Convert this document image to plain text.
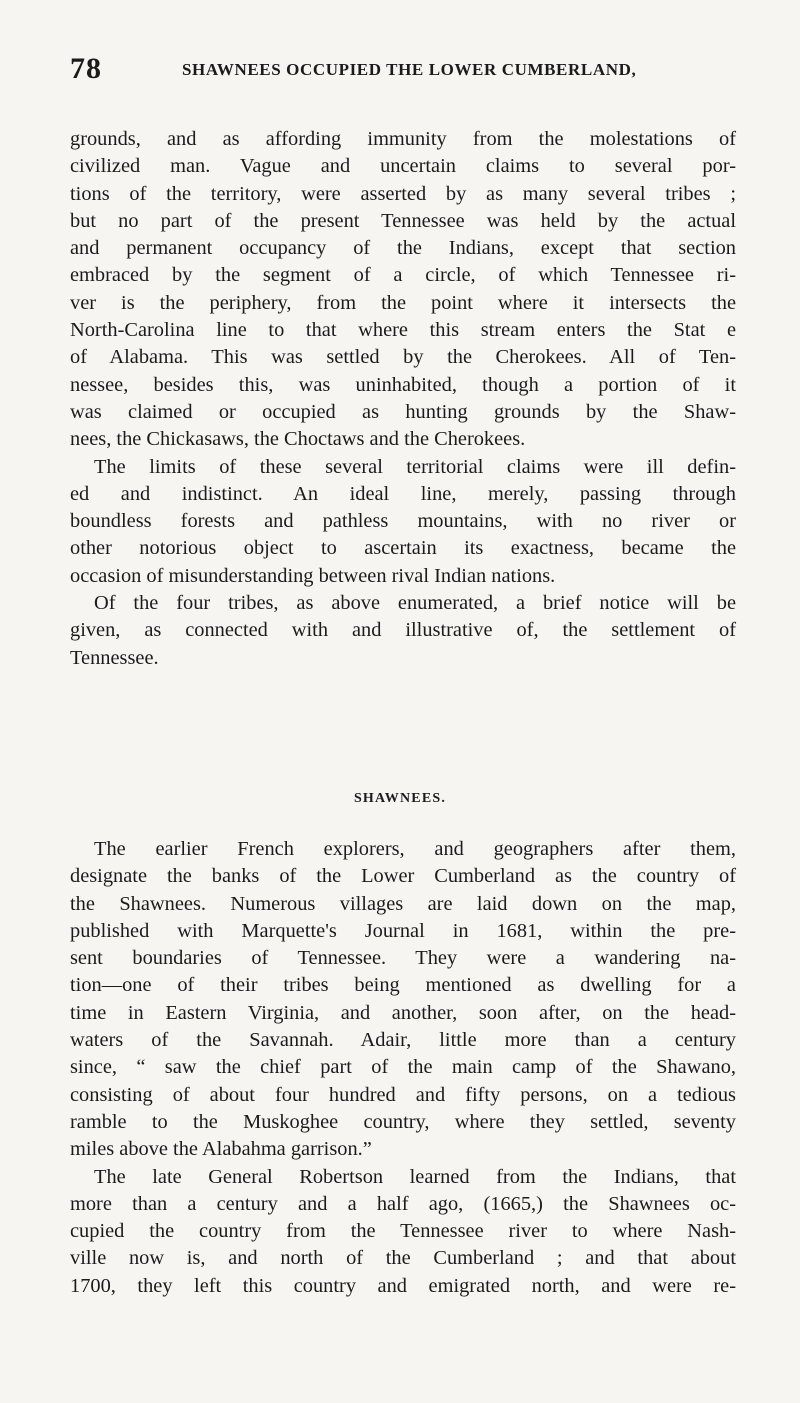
78	SHAWNEES OCCUPIED THE LOWER CUMBERLAND,
grounds, and as affording immunity from the molestations of
civilized man. Vague and uncertain claims to several por-
tions of the territory, were asserted by as many several tribes ;
but no part of the present Tennessee was held by the actual
and permanent occupancy of the Indians, except that section
embraced by the segment of a circle, of which Tennessee ri-
ver is the periphery, from the point where it intersects the
North-Carolina line to that where this stream enters the Stat e
of Alabama. This was settled by the Cherokees. All of Ten-
nessee, besides this, was uninhabited, though a portion of it
was claimed or occupied as hunting grounds by the Shaw-
nees, the Chickasaws, the Choctaws and the Cherokees.
The limits of these several territorial claims were ill defin-
ed and indistinct. An ideal line, merely, passing through
boundless forests and pathless mountains, with no river or
other notorious object to ascertain its exactness, became the
occasion of misunderstanding between rival Indian nations.
Of the four tribes, as above enumerated, a brief notice will be
given, as connected with and illustrative of, the settlement of
Tennessee.
SHAWNEES.
The earlier French explorers, and geographers after them,
designate the banks of the Lower Cumberland as the country of
the Shawnees. Numerous villages are laid down on the map,
published with Marquette's Journal in 1681, within the pre-
sent boundaries of Tennessee. They were a wandering na-
tion—one of their tribes being mentioned as dwelling for a
time in Eastern Virginia, and another, soon after, on the head-
waters of the Savannah. Adair, little more than a century
since, “ saw the chief part of the main camp of the Shawano,
consisting of about four hundred and fifty persons, on a tedious
ramble to the Muskoghee country, where they settled, seventy
miles above the Alabahma garrison.”
The late General Robertson learned from the Indians, that
more than a century and a half ago, (1665,) the Shawnees oc-
cupied the country from the Tennessee river to where Nash-
ville now is, and north of the Cumberland ; and that about
1700, they left this country and emigrated north, and were re-
